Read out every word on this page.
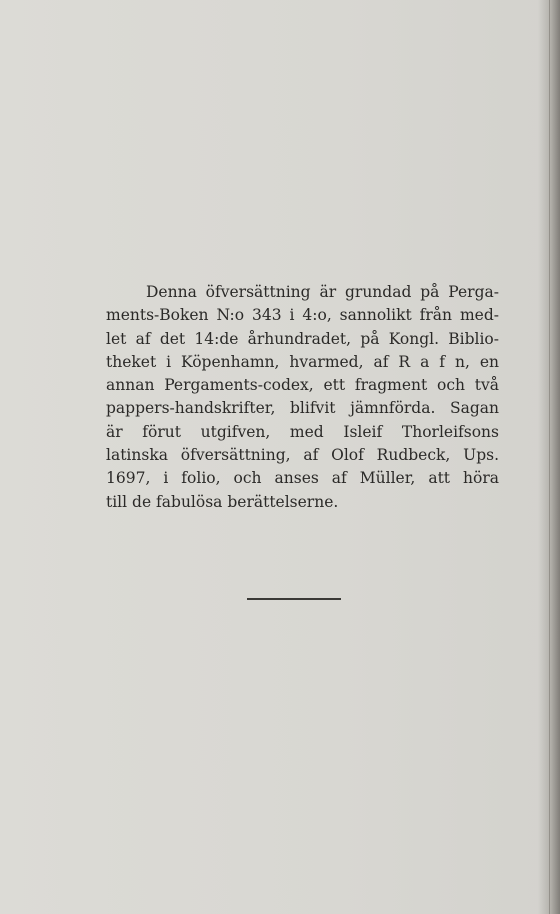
Denna öfversättning är grundad på Perga-
ments-Boken N:o 343 i 4:o, sannolikt från med-
let af det 14:de århundradet, på Kongl. Biblio-
theket i Köpenhamn, hvarmed, af R a f n, en
annan Pergaments-codex, ett fragment och två
pappers-handskrifter, blifvit jämnförda. Sagan
är förut utgifven, med Isleif Thorleifsons
latinska öfversättning, af Olof Rudbeck, Ups.
1697, i folio, och anses af Müller, att höra
till de fabulösa berättelserne.
